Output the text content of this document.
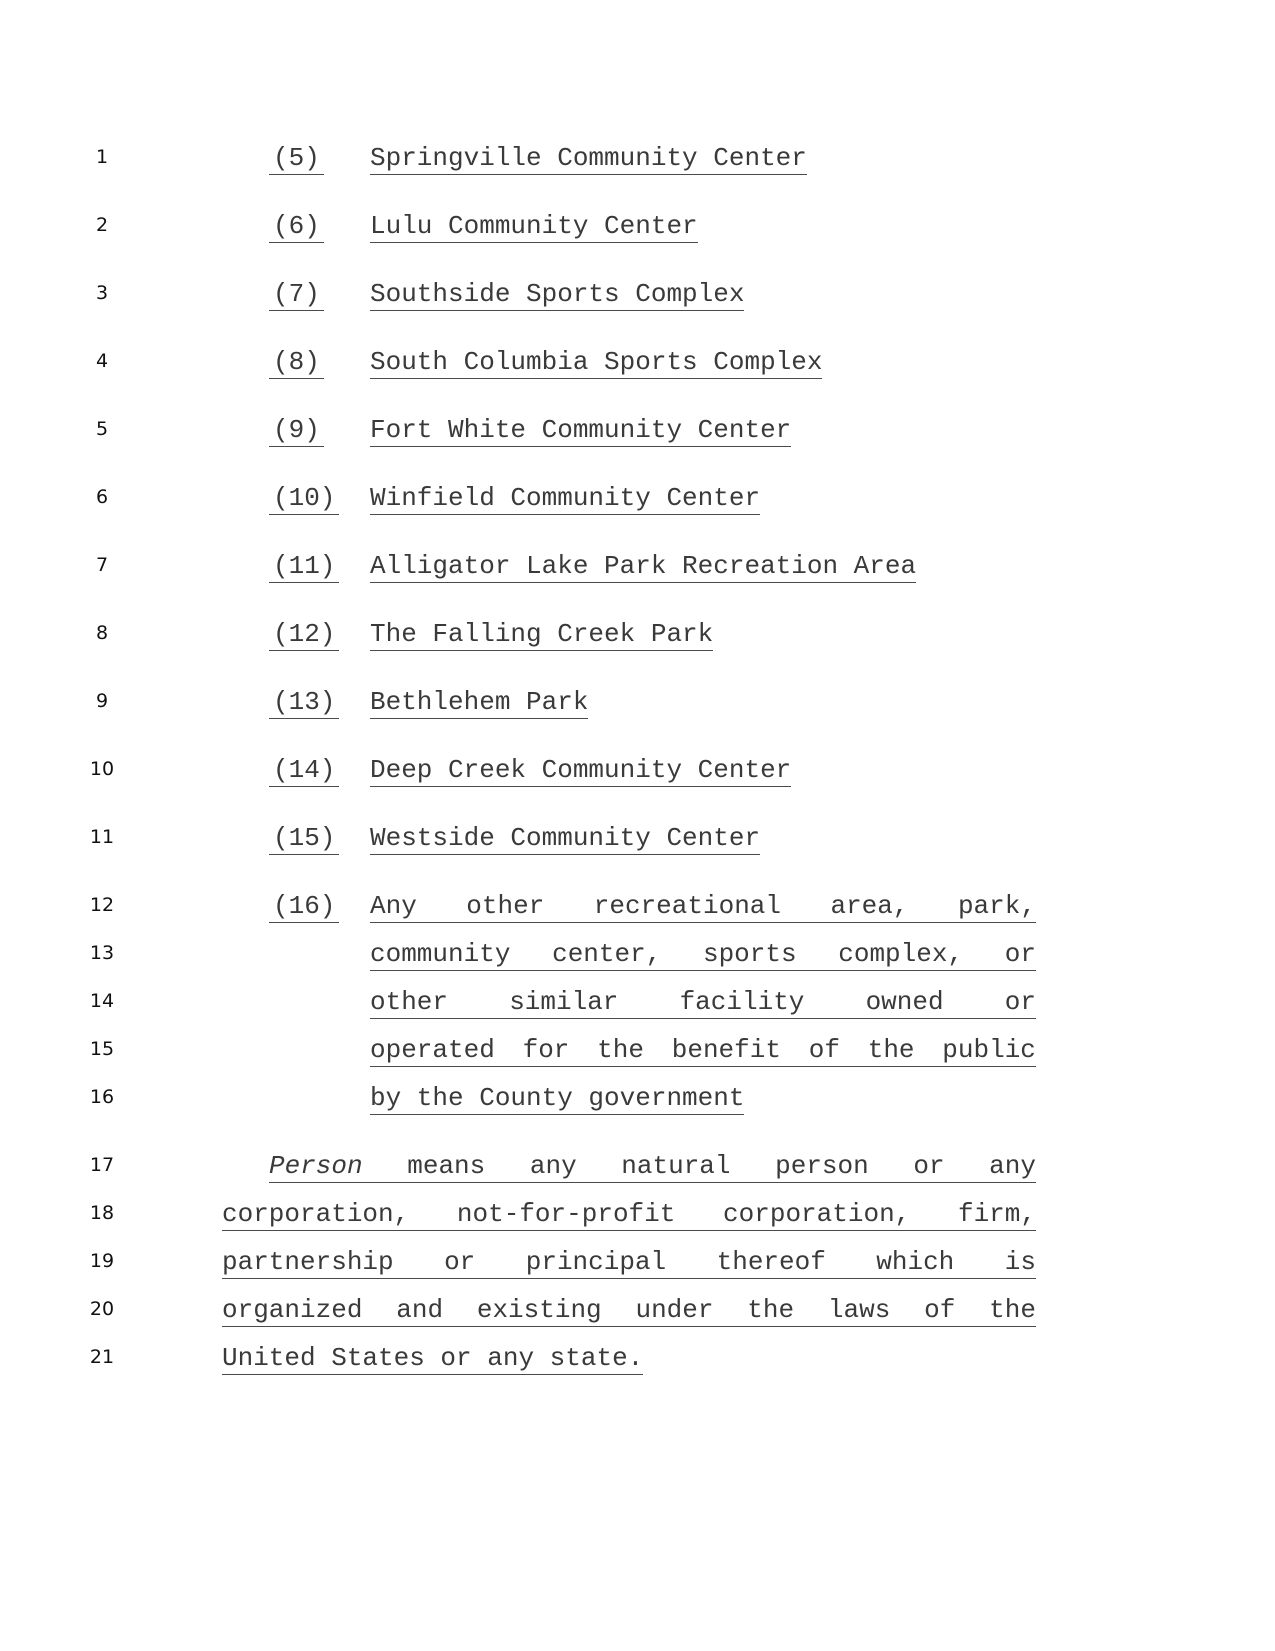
1
2
3
4
5
6
7
8
9
10
11
12
13
14
15
16
17
18
19
20
21
(5) Springville Community Center
(6) Lulu Community Center
(7) Southside Sports Complex
(8) South Columbia Sports Complex
(9) Fort White Community Center
(10) Winfield Community Center
(11) Alligator Lake Park Recreation Area
(12) The Falling Creek Park
(13) Bethlehem Park
(14) Deep Creek Community Center
(15) Westside Community Center
(16) Any other recreational area, park,
community center, sports complex, or
other similar facility owned or
operated for the benefit of the public
by the County government
Person means any natural person or any
corporation, not-for-profit corporation, firm,
partnership or principal thereof which is
organized and existing under the laws of the
United States or any state.
